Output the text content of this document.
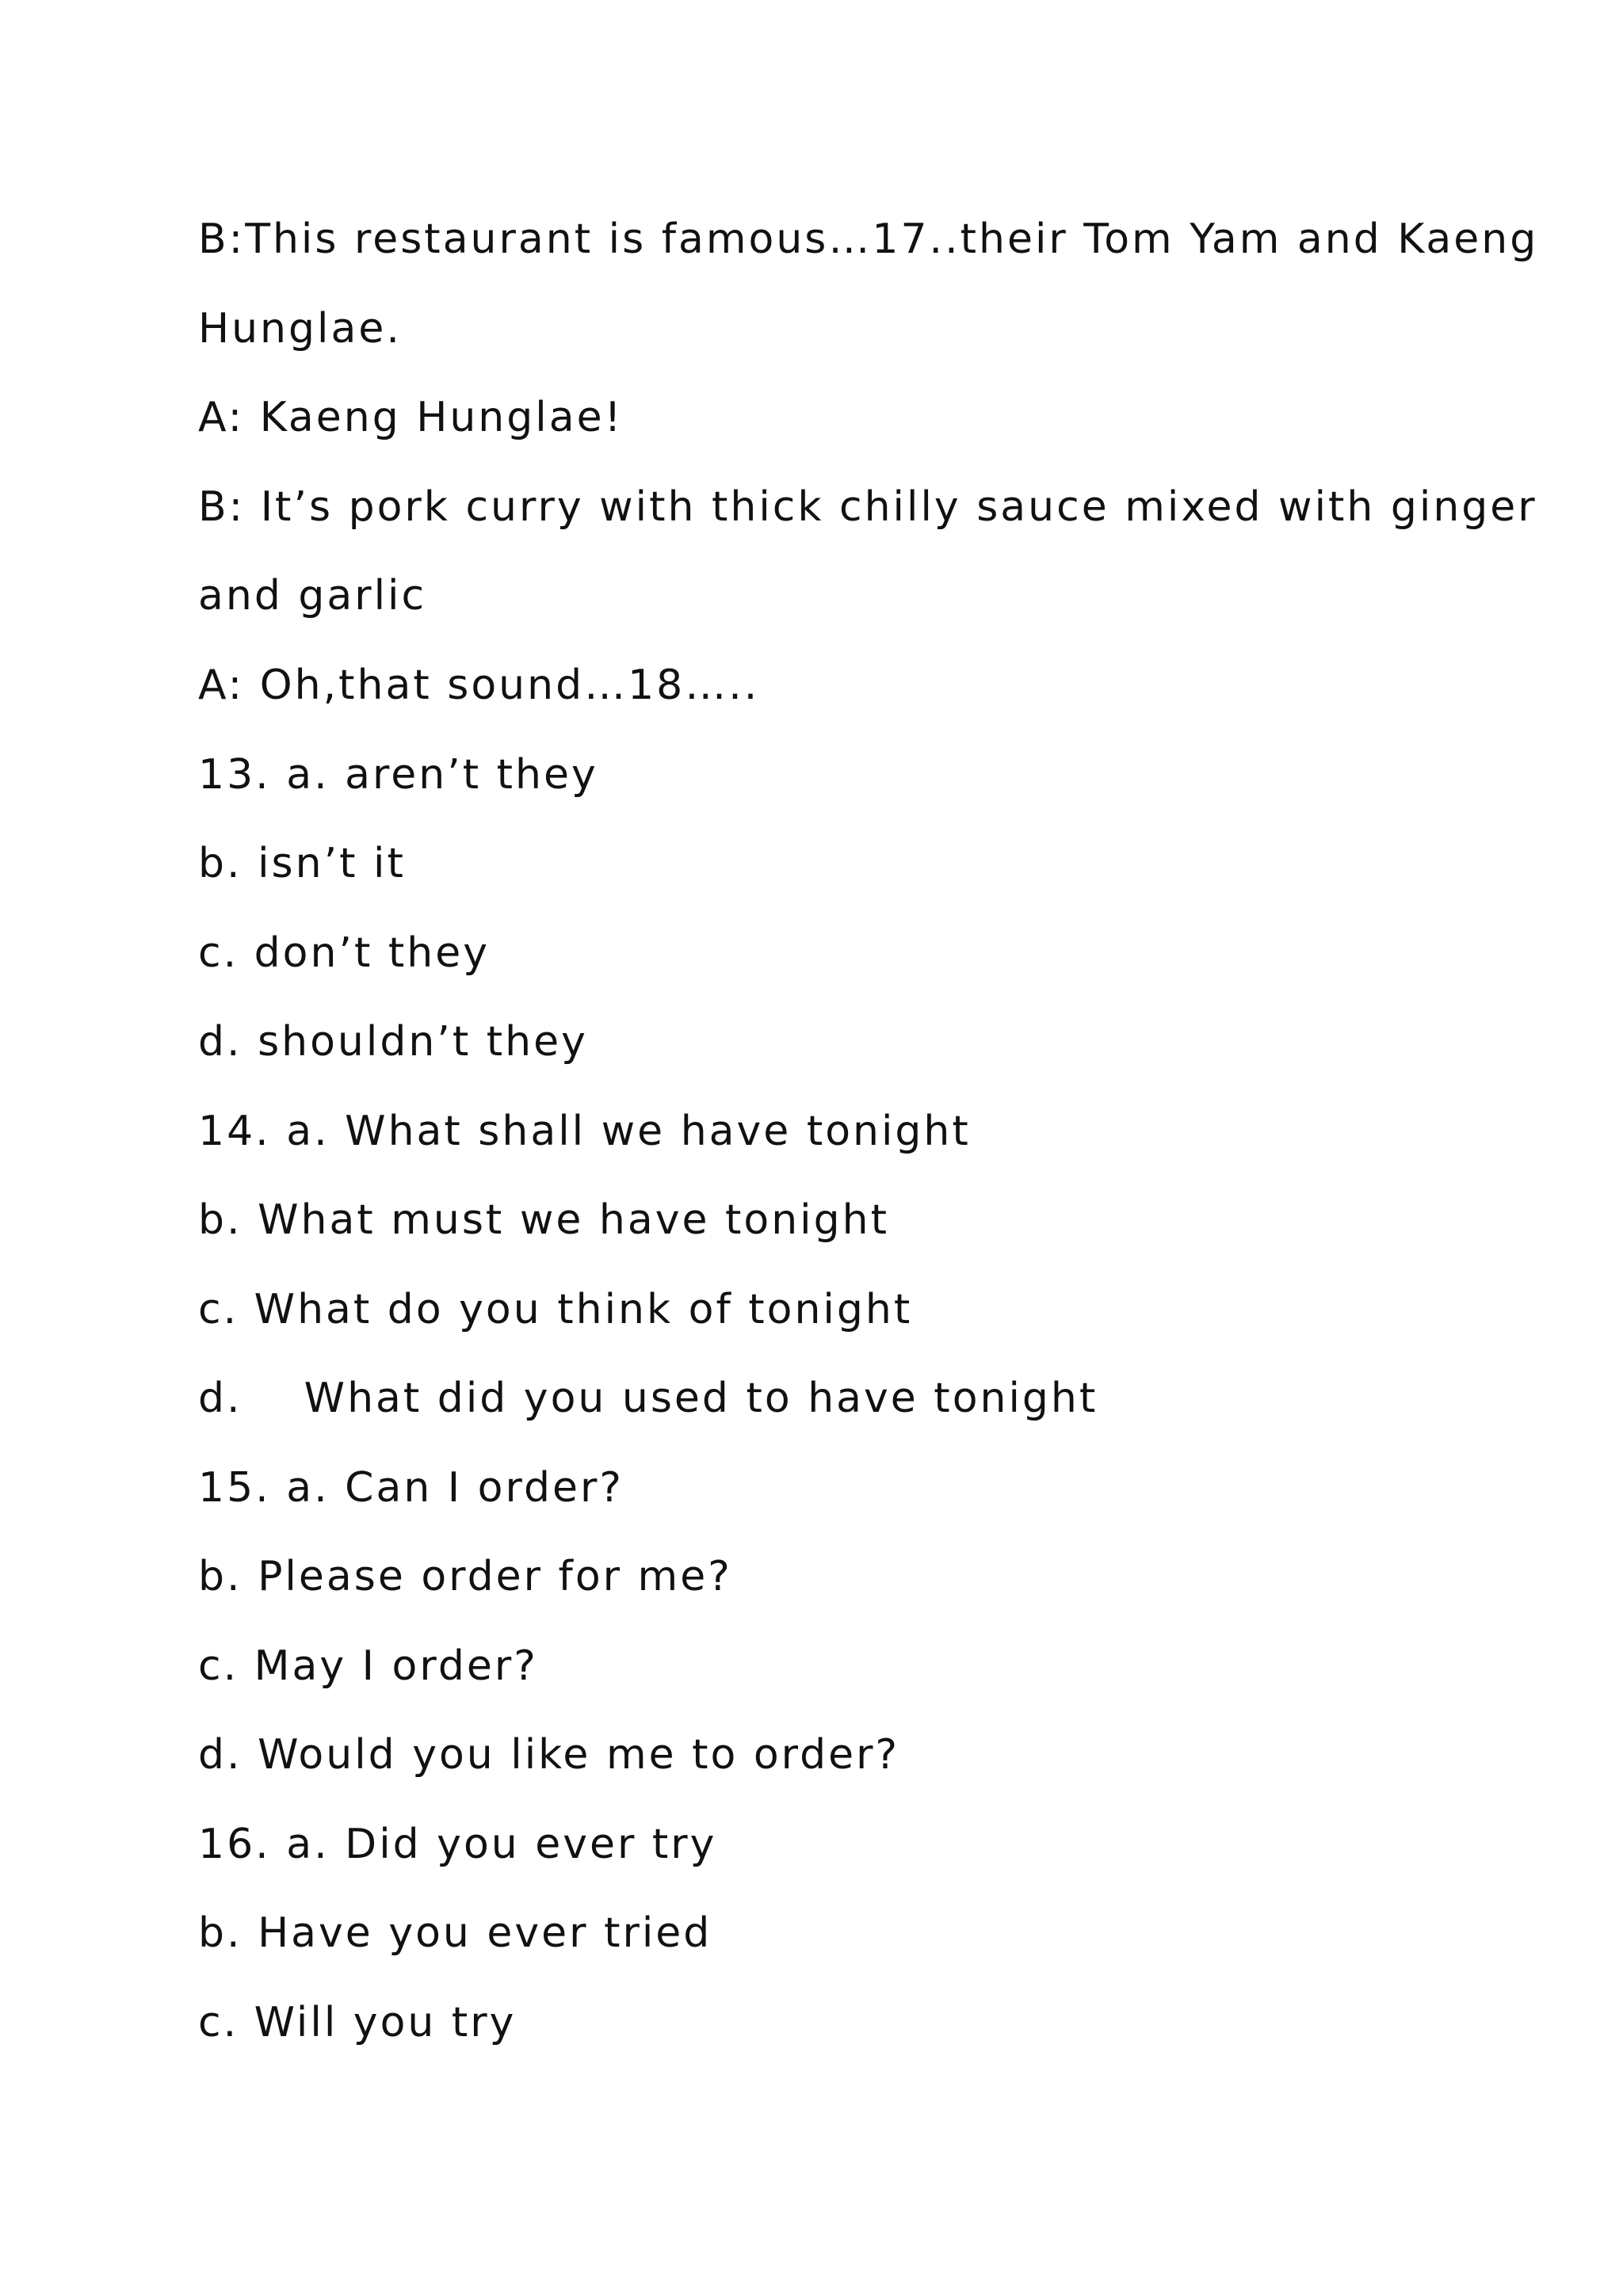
B:This restaurant is famous…17..their Tom Yam and Kaeng
Hunglae.
A: Kaeng Hunglae!
B: It’s pork curry with thick chilly sauce mixed with ginger
and garlic
A: Oh,that sound…18…..
13. a. aren’t they
b. isn’t it
c. don’t they
d. shouldn’t they
14. a. What shall we have tonight
b. What must we have tonight
c. What do you think of tonight
d.    What did you used to have tonight
15. a. Can I order?
b. Please order for me?
c. May I order?
d. Would you like me to order?
16. a. Did you ever try
b. Have you ever tried
c. Will you try
